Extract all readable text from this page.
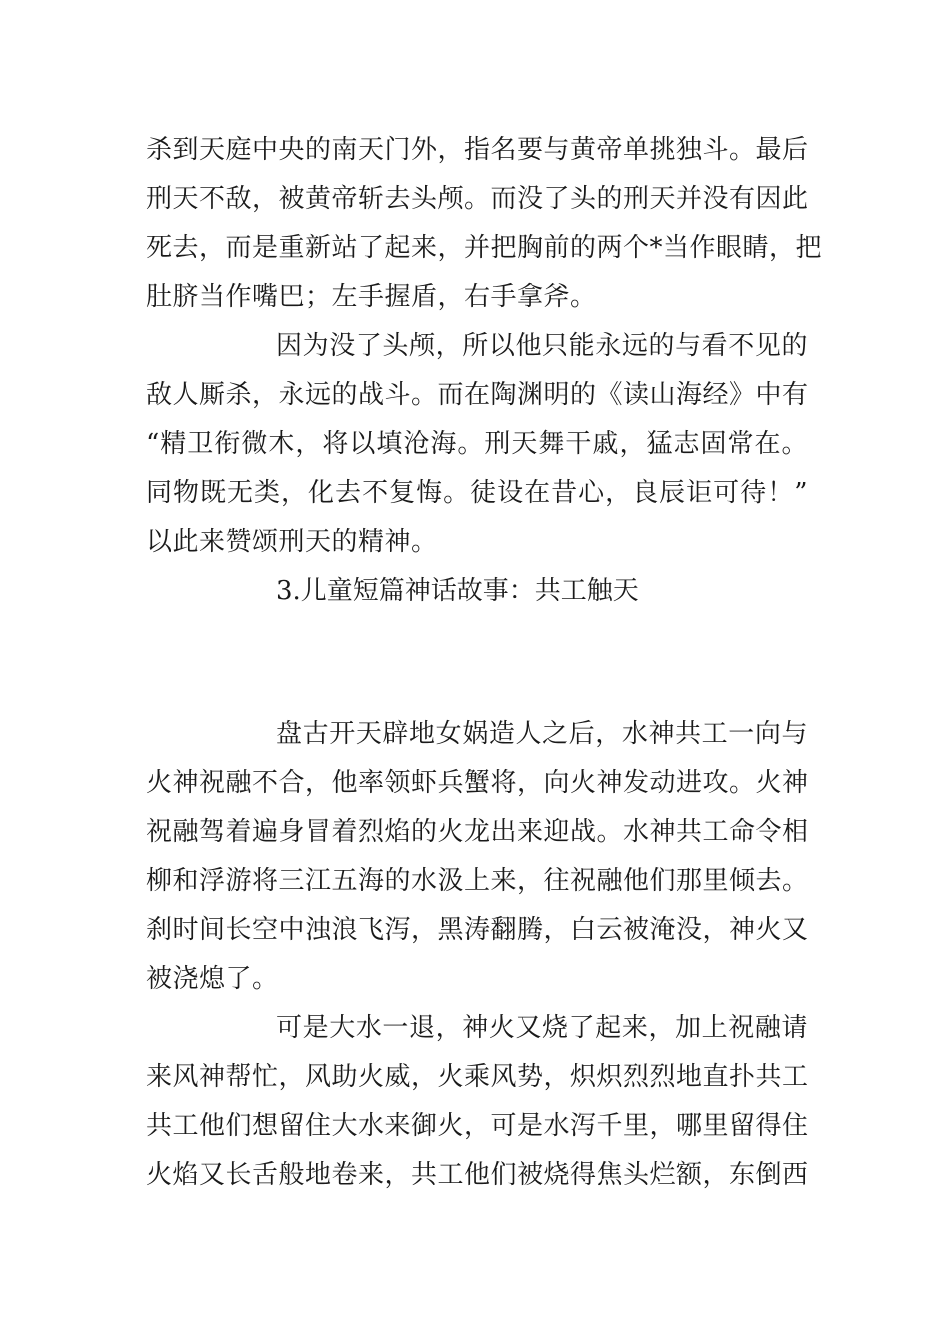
杀到天庭中央的南天门外，指名要与黄帝单挑独斗。最后
刑天不敌，被黄帝斩去头颅。而没了头的刑天并没有因此
死去，而是重新站了起来，并把胸前的两个*当作眼睛，把
肚脐当作嘴巴；左手握盾，右手拿斧。
因为没了头颅，所以他只能永远的与看不见的
敌人厮杀，永远的战斗。而在陶渊明的《读山海经》中有
“精卫衔微木，将以填沧海。刑天舞干戚，猛志固常在。
同物既无类，化去不复悔。徒设在昔心，良辰讵可待！”
以此来赞颂刑天的精神。
3.儿童短篇神话故事：共工触天
盘古开天辟地女娲造人之后，水神共工一向与
火神祝融不合，他率领虾兵蟹将，向火神发动进攻。火神
祝融驾着遍身冒着烈焰的火龙出来迎战。水神共工命令相
柳和浮游将三江五海的水汲上来，往祝融他们那里倾去。
刹时间长空中浊浪飞泻，黑涛翻腾，白云被淹没，神火又
被浇熄了。
可是大水一退，神火又烧了起来，加上祝融请
来风神帮忙，风助火威，火乘风势，炽炽烈烈地直扑共工
共工他们想留住大水来御火，可是水泻千里，哪里留得住
火焰又长舌般地卷来，共工他们被烧得焦头烂额，东倒西
